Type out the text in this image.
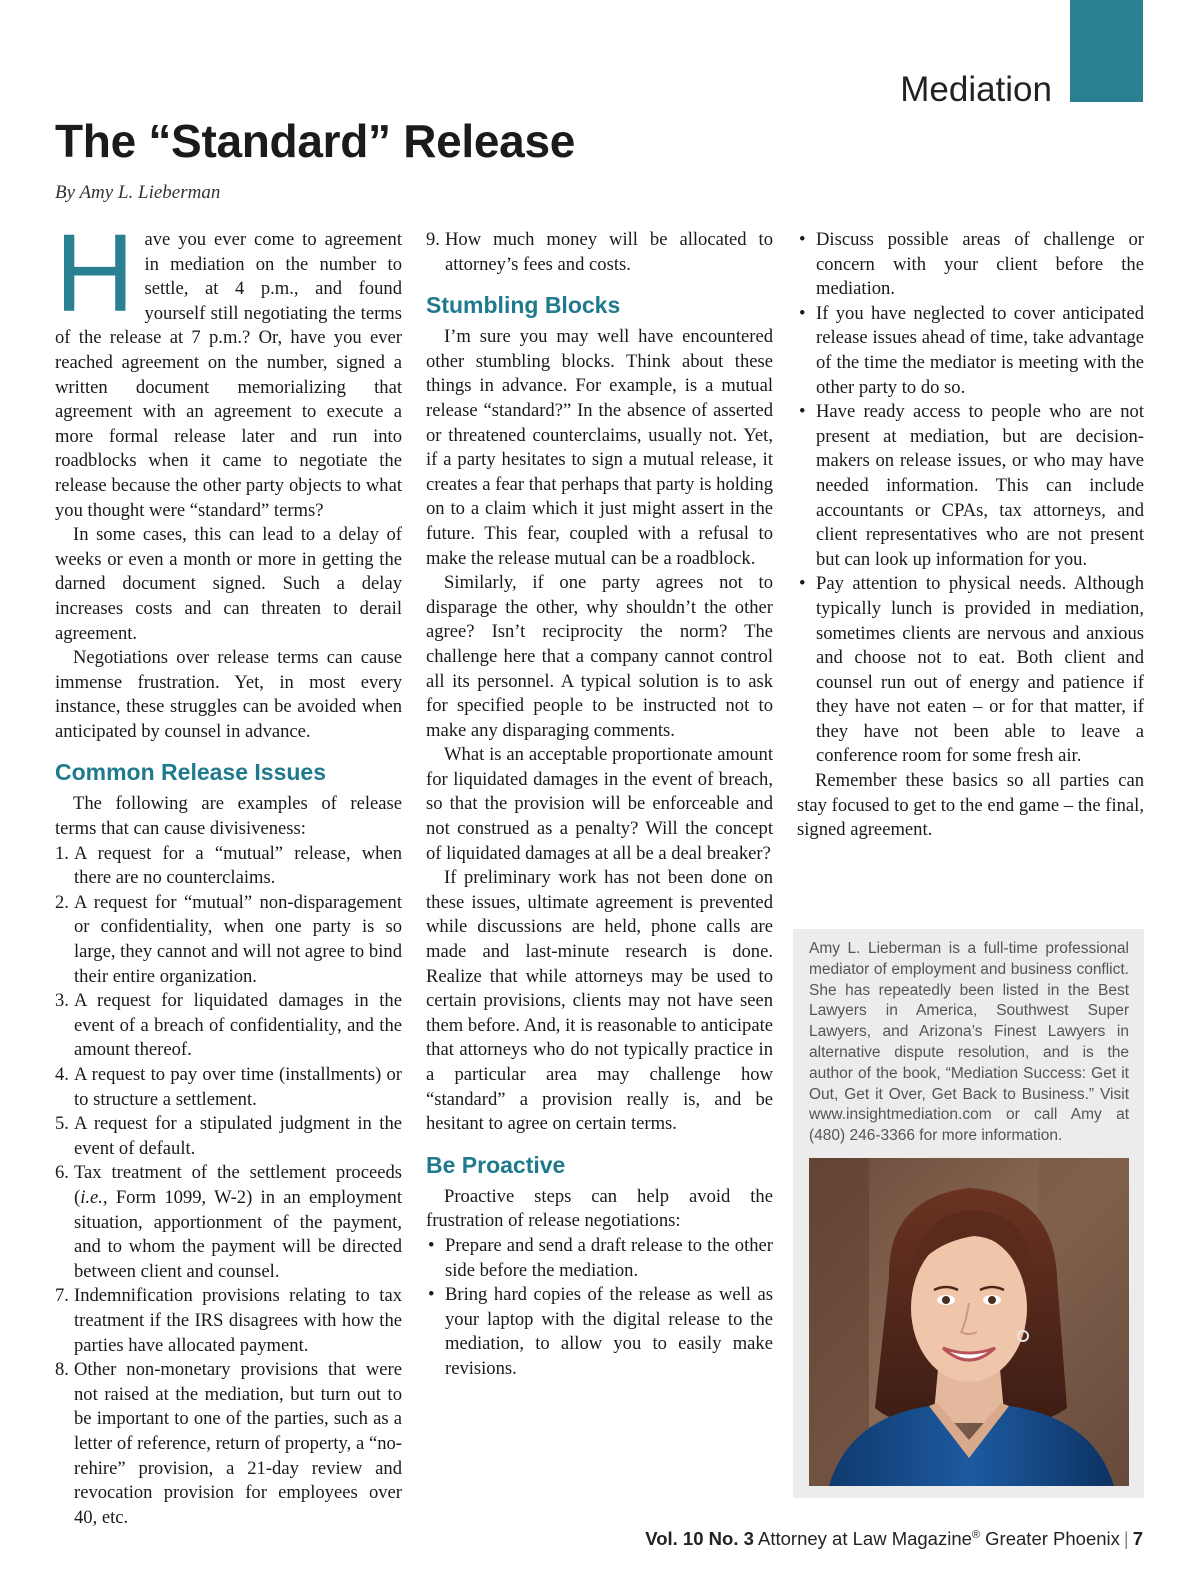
Mediation
The “Standard” Release
By Amy L. Lieberman

Have you ever come to agreement in mediation on the number to settle, at 4 p.m., and found yourself still negotiating the terms of the release at 7 p.m.? Or, have you ever reached agreement on the number, signed a written document memorializing that agreement with an agreement to execute a more formal release later and run into roadblocks when it came to negotiate the release because the other party objects to what you thought were “standard” terms?

In some cases, this can lead to a delay of weeks or even a month or more in getting the darned document signed. Such a delay increases costs and can threaten to derail agreement.

Negotiations over release terms can cause immense frustration. Yet, in most every instance, these struggles can be avoided when anticipated by counsel in advance.

Common Release Issues

The following are examples of release terms that can cause divisiveness:

1. A request for a “mutual” release, when there are no counterclaims.
2. A request for “mutual” non-disparagement or confidentiality, when one party is so large, they cannot and will not agree to bind their entire organization.
3. A request for liquidated damages in the event of a breach of confidentiality, and the amount thereof.
4. A request to pay over time (installments) or to structure a settlement.
5. A request for a stipulated judgment in the event of default.
6. Tax treatment of the settlement proceeds (i.e., Form 1099, W-2) in an employment situation, apportionment of the payment, and to whom the payment will be directed between client and counsel.
7. Indemnification provisions relating to tax treatment if the IRS disagrees with how the parties have allocated payment.
8. Other non-monetary provisions that were not raised at the mediation, but turn out to be important to one of the parties, such as a letter of reference, return of property, a “no-rehire” provision, a 21-day review and revocation provision for employees over 40, etc.
9. How much money will be allocated to attorney’s fees and costs.
Stumbling Blocks

I’m sure you may well have encountered other stumbling blocks. Think about these things in advance. For example, is a mutual release “standard?” In the absence of asserted or threatened counterclaims, usually not. Yet, if a party hesitates to sign a mutual release, it creates a fear that perhaps that party is holding on to a claim which it just might assert in the future. This fear, coupled with a refusal to make the release mutual can be a roadblock.

Similarly, if one party agrees not to disparage the other, why shouldn’t the other agree? Isn’t reciprocity the norm? The challenge here that a company cannot control all its personnel. A typical solution is to ask for specified people to be instructed not to make any disparaging comments.

What is an acceptable proportionate amount for liquidated damages in the event of breach, so that the provision will be enforceable and not construed as a penalty? Will the concept of liquidated damages at all be a deal breaker?

If preliminary work has not been done on these issues, ultimate agreement is prevented while discussions are held, phone calls are made and last-minute research is done. Realize that while attorneys may be used to certain provisions, clients may not have seen them before. And, it is reasonable to anticipate that attorneys who do not typically practice in a particular area may challenge how “standard” a provision really is, and be hesitant to agree on certain terms.

Be Proactive

Proactive steps can help avoid the frustration of release negotiations:

• Prepare and send a draft release to the other side before the mediation.
• Bring hard copies of the release as well as your laptop with the digital release to the mediation, to allow you to easily make revisions.
• Discuss possible areas of challenge or concern with your client before the mediation.
• If you have neglected to cover anticipated release issues ahead of time, take advantage of the time the mediator is meeting with the other party to do so.
• Have ready access to people who are not present at mediation, but are decision-makers on release issues, or who may have needed information. This can include accountants or CPAs, tax attorneys, and client representatives who are not present but can look up information for you.
• Pay attention to physical needs. Although typically lunch is provided in mediation, sometimes clients are nervous and anxious and choose not to eat. Both client and counsel run out of energy and patience if they have not eaten – or for that matter, if they have not been able to leave a conference room for some fresh air.

Remember these basics so all parties can stay focused to get to the end game – the final, signed agreement.

Amy L. Lieberman is a full-time professional mediator of employment and business conflict. She has repeatedly been listed in the Best Lawyers in America, Southwest Super Lawyers, and Arizona’s Finest Lawyers in alternative dispute resolution, and is the author of the book, “Mediation Success: Get it Out, Get it Over, Get Back to Business.” Visit www.insightmediation.com or call Amy at (480) 246-3366 for more information.
Vol. 10 No. 3 Attorney at Law Magazine® Greater Phoenix | 7
